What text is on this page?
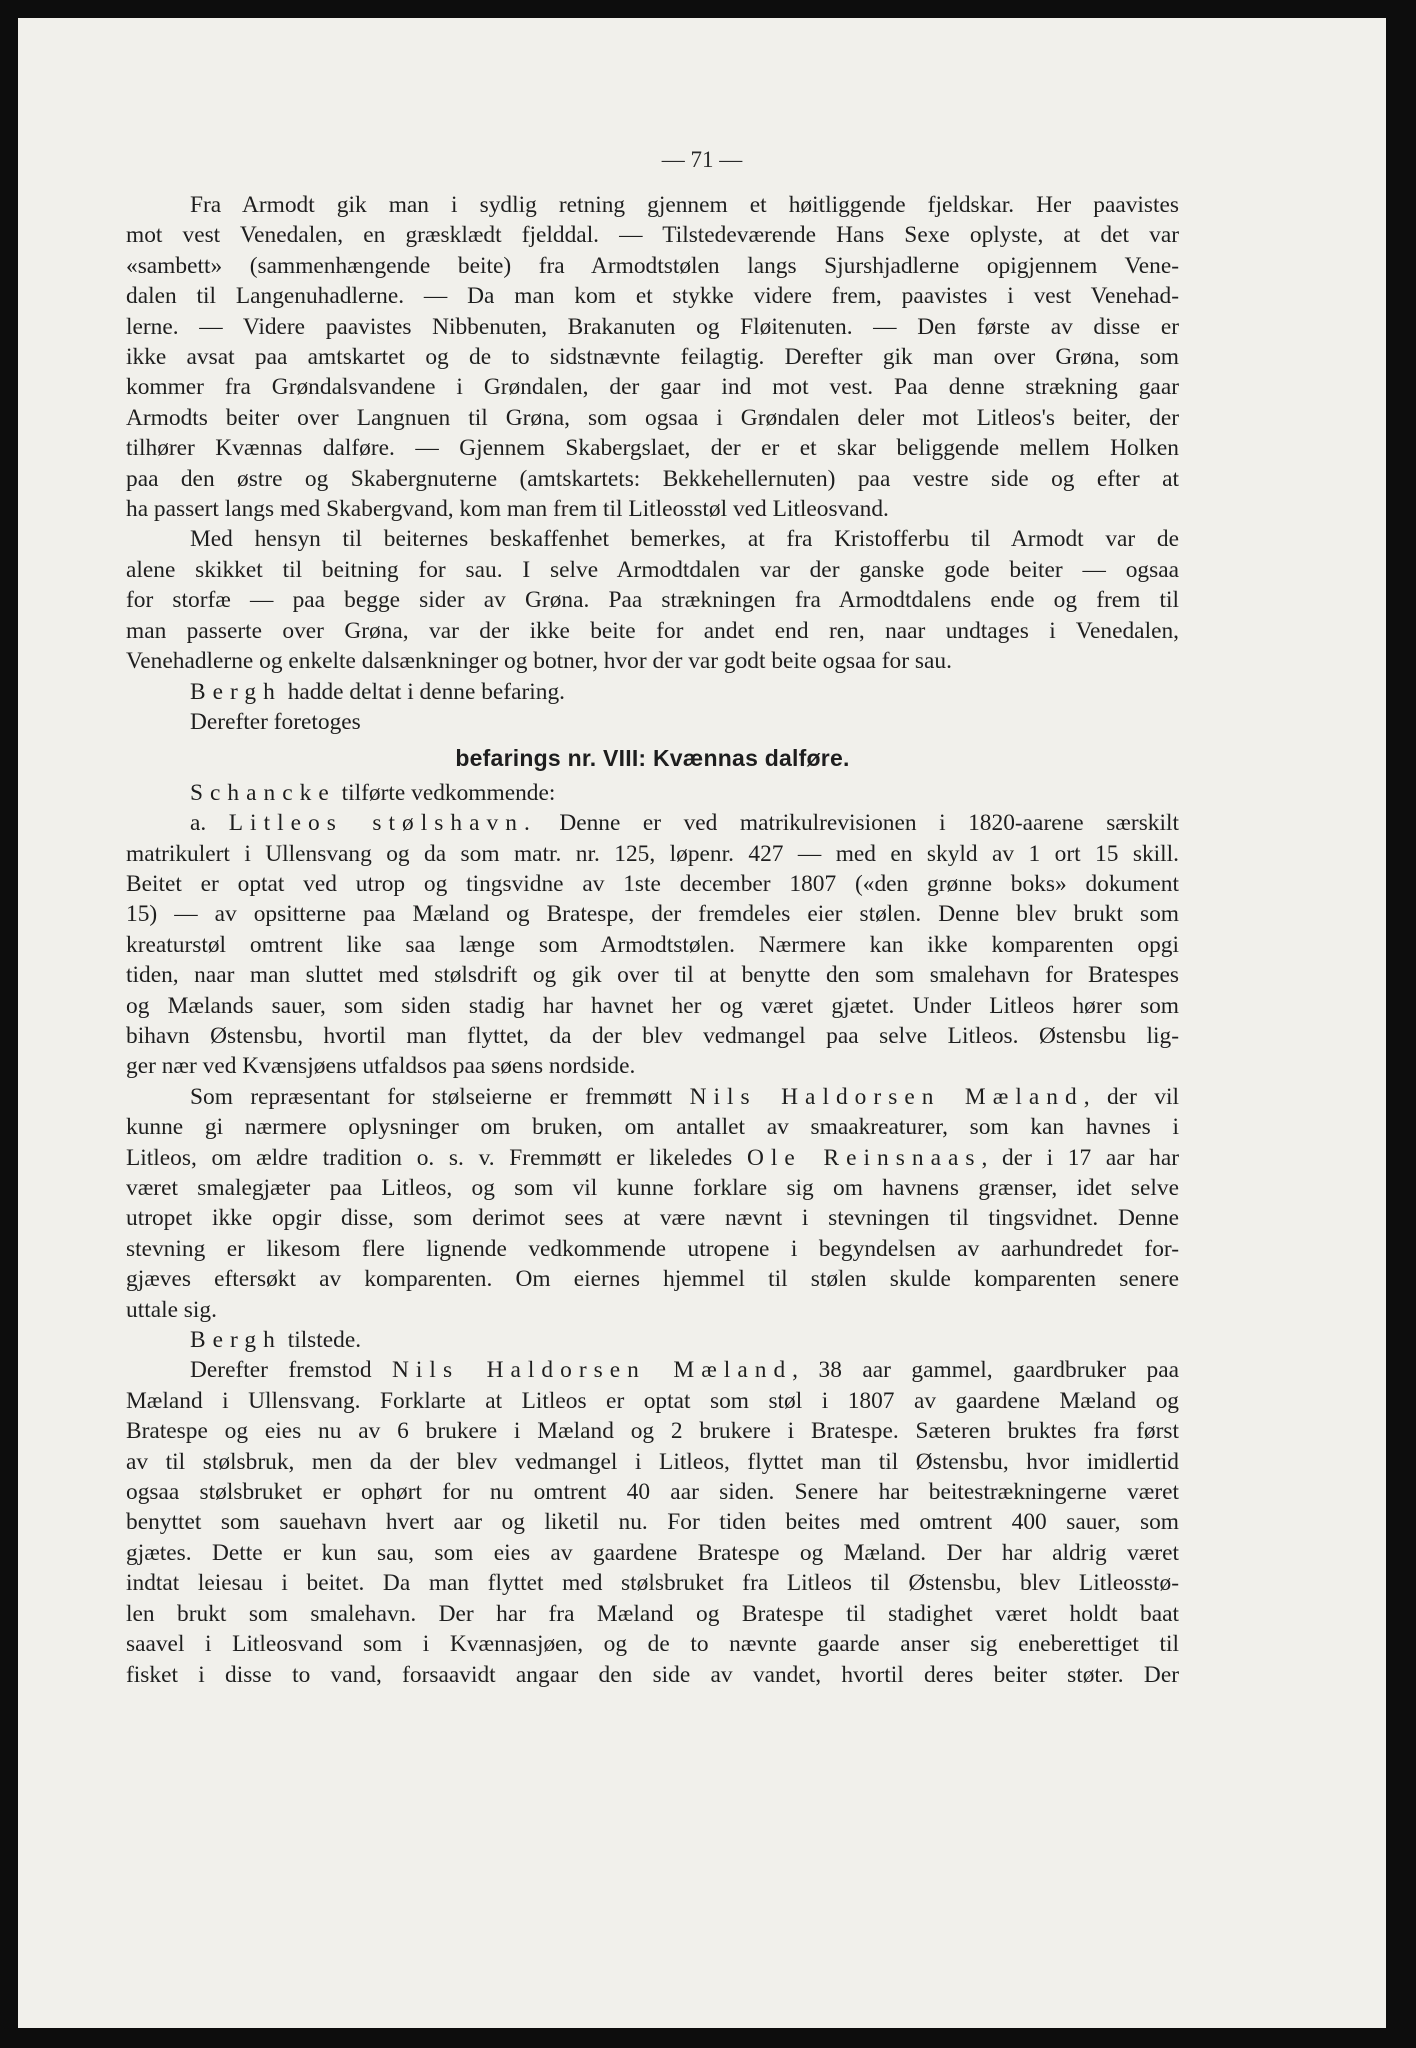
— 71 —

Fra Armodt gik man i sydlig retning gjennem et høitliggende fjeldskar. Her paavistes
mot vest Venedalen, en græsklædt fjelddal. — Tilstedeværende Hans Sexe oplyste, at det var
«sambett» (sammenhængende beite) fra Armodtstølen langs Sjurshjadlerne opigjennem Vene-
dalen til Langenuhadlerne. — Da man kom et stykke videre frem, paavistes i vest Venehad-
lerne. — Videre paavistes Nibbenuten, Brakanuten og Fløitenuten. — Den første av disse er
ikke avsat paa amtskartet og de to sidstnævnte feilagtig. Derefter gik man over Grøna, som
kommer fra Grøndalsvandene i Grøndalen, der gaar ind mot vest. Paa denne strækning gaar
Armodts beiter over Langnuen til Grøna, som ogsaa i Grøndalen deler mot Litleos's beiter, der
tilhører Kvænnas dalføre. — Gjennem Skabergslaet, der er et skar beliggende mellem Holken
paa den østre og Skabergnuterne (amtskartets: Bekkehellernuten) paa vestre side og efter at
ha passert langs med Skabergvand, kom man frem til Litleosstøl ved Litleosvand.

Med hensyn til beiternes beskaffenhet bemerkes, at fra Kristofferbu til Armodt var de
alene skikket til beitning for sau. I selve Armodtdalen var der ganske gode beiter — ogsaa
for storfæ — paa begge sider av Grøna. Paa strækningen fra Armodtdalens ende og frem til
man passerte over Grøna, var der ikke beite for andet end ren, naar undtages i Venedalen,
Venehadlerne og enkelte dalsænkninger og botner, hvor der var godt beite ogsaa for sau.

Bergh hadde deltat i denne befaring.

Derefter foretoges

befarings nr. VIII: Kvænnas dalføre.

Schancke tilførte vedkommende:

a. Litleos stølshavn. Denne er ved matrikulrevisionen i 1820-aarene særskilt
matrikulert i Ullensvang og da som matr. nr. 125, løpenr. 427 — med en skyld av 1 ort 15 skill.
Beitet er optat ved utrop og tingsvidne av 1ste december 1807 («den grønne boks» dokument
15) — av opsitterne paa Mæland og Bratespe, der fremdeles eier stølen. Denne blev brukt som
kreaturstøl omtrent like saa længe som Armodtstølen. Nærmere kan ikke komparenten opgi
tiden, naar man sluttet med stølsdrift og gik over til at benytte den som smalehavn for Bratespes
og Mælands sauer, som siden stadig har havnet her og været gjætet. Under Litleos hører som
bihavn Østensbu, hvortil man flyttet, da der blev vedmangel paa selve Litleos. Østensbu lig-
ger nær ved Kvænsjøens utfaldsos paa søens nordside.

Som repræsentant for stølseierne er fremmøtt Nils Haldorsen Mæland, der vil
kunne gi nærmere oplysninger om bruken, om antallet av smaakreaturer, som kan havnes i
Litleos, om ældre tradition o. s. v. Fremmøtt er likeledes Ole Reinsnaas, der i 17 aar har
været smalegjæter paa Litleos, og som vil kunne forklare sig om havnens grænser, idet selve
utropet ikke opgir disse, som derimot sees at være nævnt i stevningen til tingsvidnet. Denne
stevning er likesom flere lignende vedkommende utropene i begyndelsen av aarhundredet for-
gjæves eftersøkt av komparenten. Om eiernes hjemmel til stølen skulde komparenten senere
uttale sig.

Bergh tilstede.

Derefter fremstod Nils Haldorsen Mæland, 38 aar gammel, gaardbruker paa
Mæland i Ullensvang. Forklarte at Litleos er optat som støl i 1807 av gaardene Mæland og
Bratespe og eies nu av 6 brukere i Mæland og 2 brukere i Bratespe. Sæteren bruktes fra først
av til stølsbruk, men da der blev vedmangel i Litleos, flyttet man til Østensbu, hvor imidlertid
ogsaa stølsbruket er ophørt for nu omtrent 40 aar siden. Senere har beitestrækningerne været
benyttet som sauehavn hvert aar og liketil nu. For tiden beites med omtrent 400 sauer, som
gjætes. Dette er kun sau, som eies av gaardene Bratespe og Mæland. Der har aldrig været
indtat leiesau i beitet. Da man flyttet med stølsbruket fra Litleos til Østensbu, blev Litleosstø-
len brukt som smalehavn. Der har fra Mæland og Bratespe til stadighet været holdt baat
saavel i Litleosvand som i Kvænnasjøen, og de to nævnte gaarde anser sig eneberettiget til
fisket i disse to vand, forsaavidt angaar den side av vandet, hvortil deres beiter støter. Der
